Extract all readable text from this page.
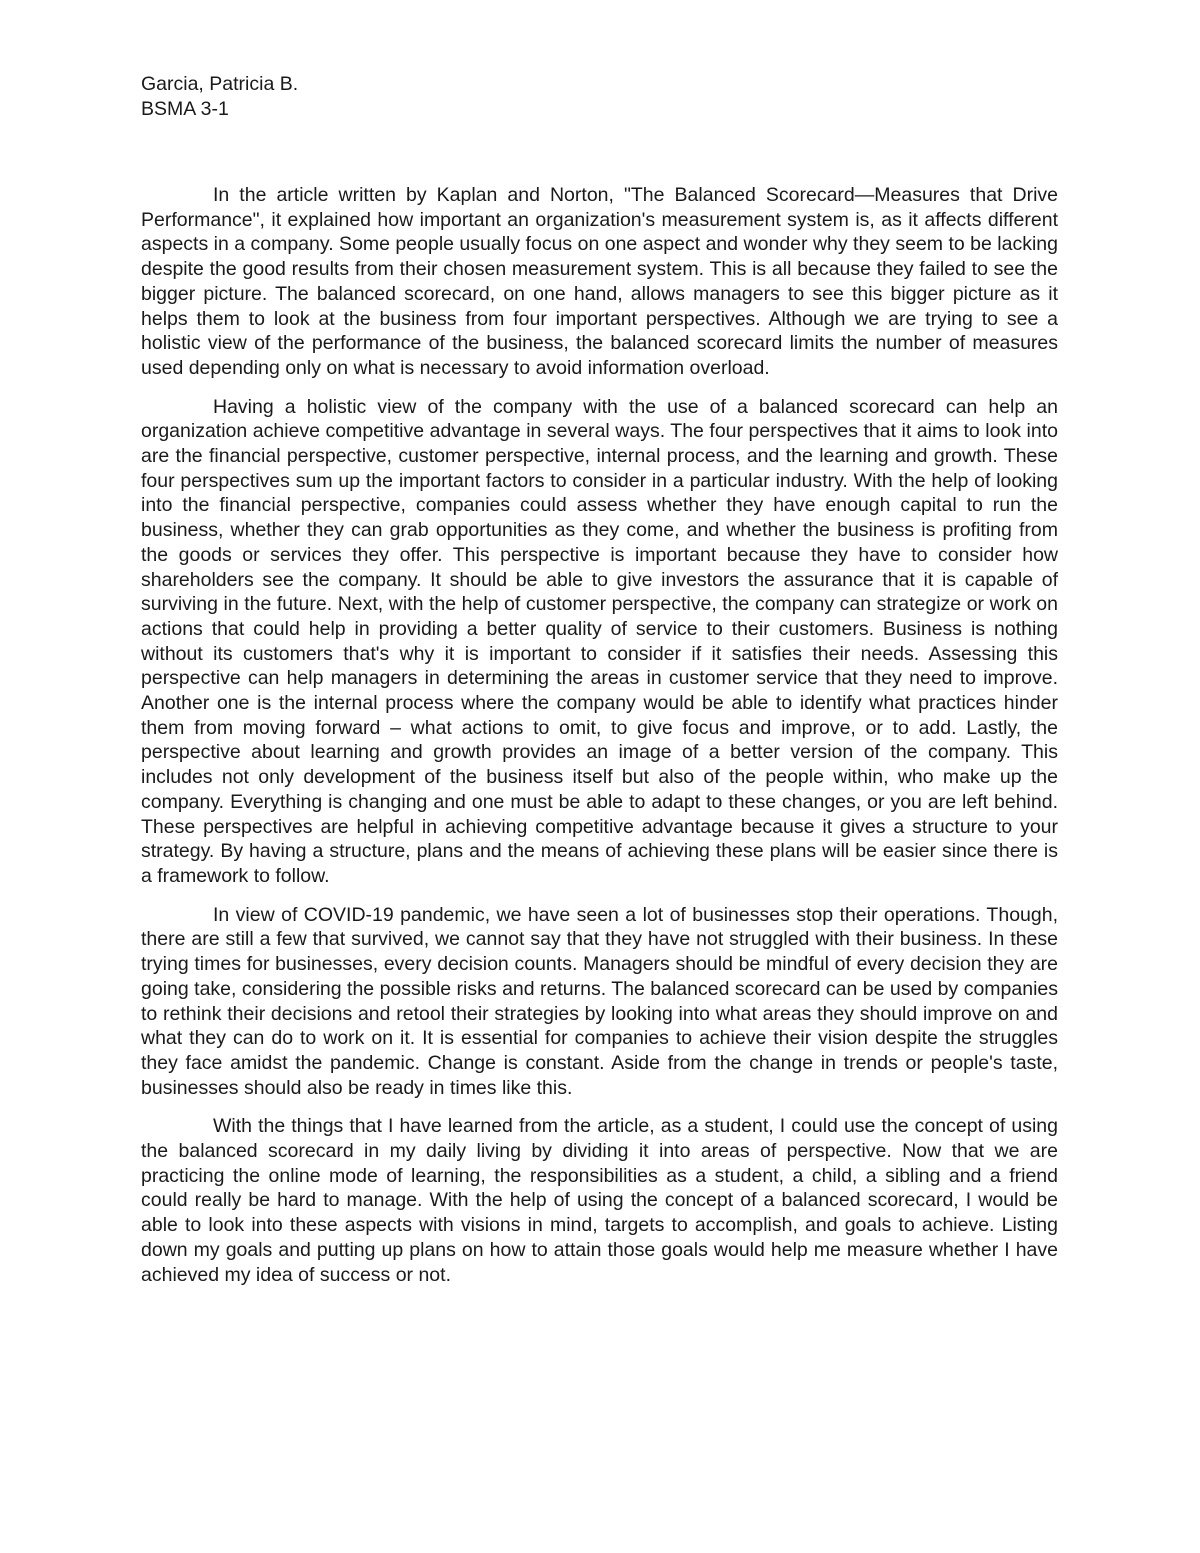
Garcia, Patricia B.
BSMA 3-1

In the article written by Kaplan and Norton, "The Balanced Scorecard—Measures that Drive Performance", it explained how important an organization's measurement system is, as it affects different aspects in a company. Some people usually focus on one aspect and wonder why they seem to be lacking despite the good results from their chosen measurement system. This is all because they failed to see the bigger picture. The balanced scorecard, on one hand, allows managers to see this bigger picture as it helps them to look at the business from four important perspectives. Although we are trying to see a holistic view of the performance of the business, the balanced scorecard limits the number of measures used depending only on what is necessary to avoid information overload.

Having a holistic view of the company with the use of a balanced scorecard can help an organization achieve competitive advantage in several ways. The four perspectives that it aims to look into are the financial perspective, customer perspective, internal process, and the learning and growth. These four perspectives sum up the important factors to consider in a particular industry. With the help of looking into the financial perspective, companies could assess whether they have enough capital to run the business, whether they can grab opportunities as they come, and whether the business is profiting from the goods or services they offer. This perspective is important because they have to consider how shareholders see the company. It should be able to give investors the assurance that it is capable of surviving in the future. Next, with the help of customer perspective, the company can strategize or work on actions that could help in providing a better quality of service to their customers. Business is nothing without its customers that's why it is important to consider if it satisfies their needs. Assessing this perspective can help managers in determining the areas in customer service that they need to improve. Another one is the internal process where the company would be able to identify what practices hinder them from moving forward – what actions to omit, to give focus and improve, or to add. Lastly, the perspective about learning and growth provides an image of a better version of the company. This includes not only development of the business itself but also of the people within, who make up the company. Everything is changing and one must be able to adapt to these changes, or you are left behind. These perspectives are helpful in achieving competitive advantage because it gives a structure to your strategy. By having a structure, plans and the means of achieving these plans will be easier since there is a framework to follow.

In view of COVID-19 pandemic, we have seen a lot of businesses stop their operations. Though, there are still a few that survived, we cannot say that they have not struggled with their business. In these trying times for businesses, every decision counts. Managers should be mindful of every decision they are going take, considering the possible risks and returns. The balanced scorecard can be used by companies to rethink their decisions and retool their strategies by looking into what areas they should improve on and what they can do to work on it. It is essential for companies to achieve their vision despite the struggles they face amidst the pandemic. Change is constant. Aside from the change in trends or people's taste, businesses should also be ready in times like this.

With the things that I have learned from the article, as a student, I could use the concept of using the balanced scorecard in my daily living by dividing it into areas of perspective. Now that we are practicing the online mode of learning, the responsibilities as a student, a child, a sibling and a friend could really be hard to manage. With the help of using the concept of a balanced scorecard, I would be able to look into these aspects with visions in mind, targets to accomplish, and goals to achieve. Listing down my goals and putting up plans on how to attain those goals would help me measure whether I have achieved my idea of success or not.
